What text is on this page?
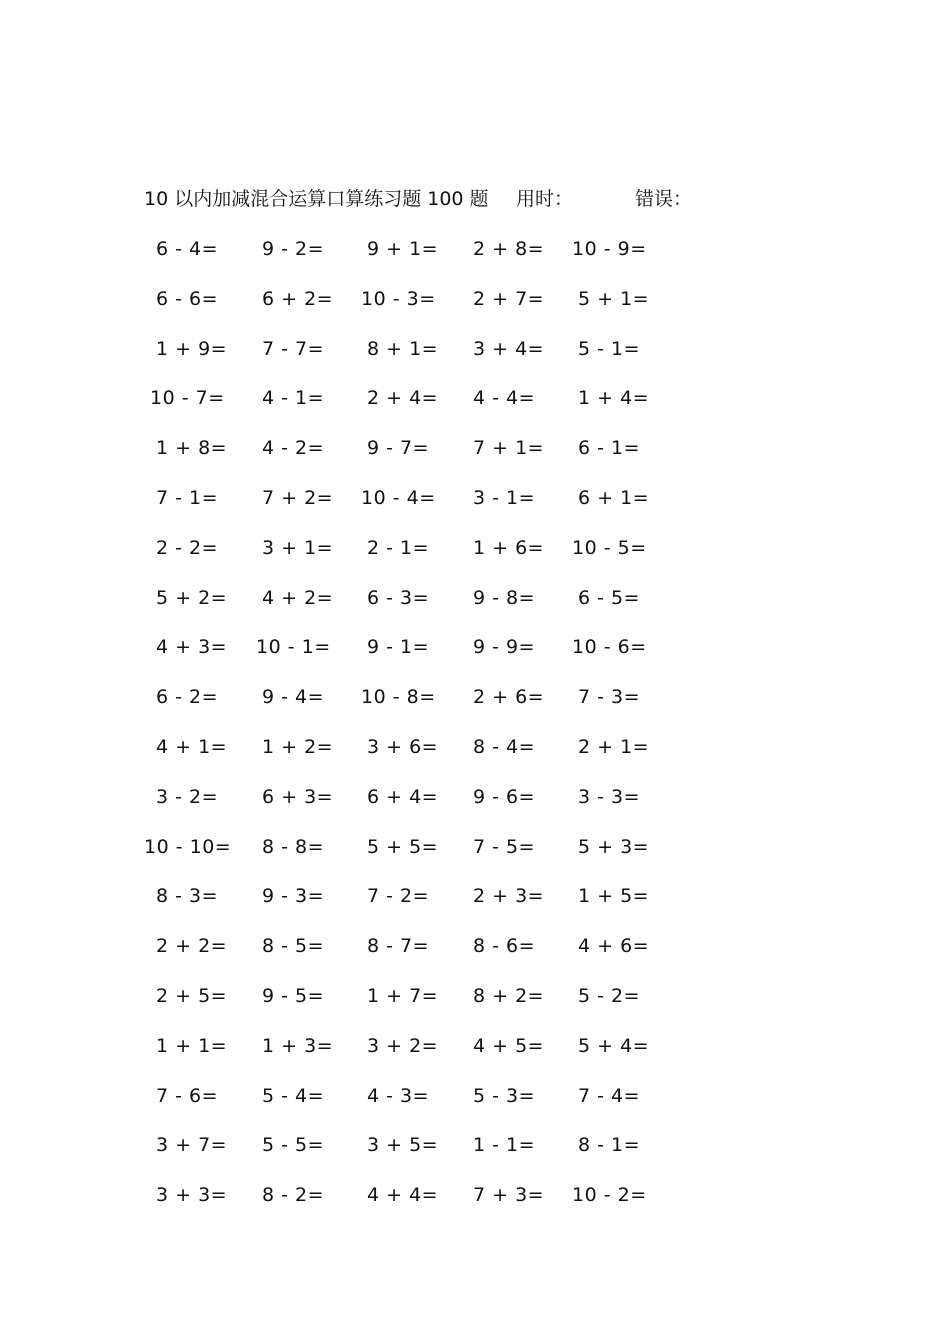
10 以内加减混合运算口算练习题 100 题 用时：	错误：
6 - 4= 9 - 2= 9 + 1= 2 + 8= 10 - 9=
6 - 6= 6 + 2= 10 - 3= 2 + 7= 5 + 1=
1 + 9= 7 - 7= 8 + 1= 3 + 4= 5 - 1=
10 - 7= 4 - 1= 2 + 4= 4 - 4= 1 + 4=
1 + 8= 4 - 2= 9 - 7= 7 + 1= 6 - 1=
7 - 1= 7 + 2= 10 - 4= 3 - 1= 6 + 1=
2 - 2= 3 + 1= 2 - 1= 1 + 6= 10 - 5=
5 + 2= 4 + 2= 6 - 3= 9 - 8= 6 - 5=
4 + 3= 10 - 1= 9 - 1= 9 - 9= 10 - 6=
6 - 2= 9 - 4= 10 - 8= 2 + 6= 7 - 3=
4 + 1= 1 + 2= 3 + 6= 8 - 4= 2 + 1=
3 - 2= 6 + 3= 6 + 4= 9 - 6= 3 - 3=
10 - 10= 8 - 8= 5 + 5= 7 - 5= 5 + 3=
8 - 3= 9 - 3= 7 - 2= 2 + 3= 1 + 5=
2 + 2= 8 - 5= 8 - 7= 8 - 6= 4 + 6=
2 + 5= 9 - 5= 1 + 7= 8 + 2= 5 - 2=
1 + 1= 1 + 3= 3 + 2= 4 + 5= 5 + 4=
7 - 6= 5 - 4= 4 - 3= 5 - 3= 7 - 4=
3 + 7= 5 - 5= 3 + 5= 1 - 1= 8 - 1=
3 + 3= 8 - 2= 4 + 4= 7 + 3= 10 - 2=
